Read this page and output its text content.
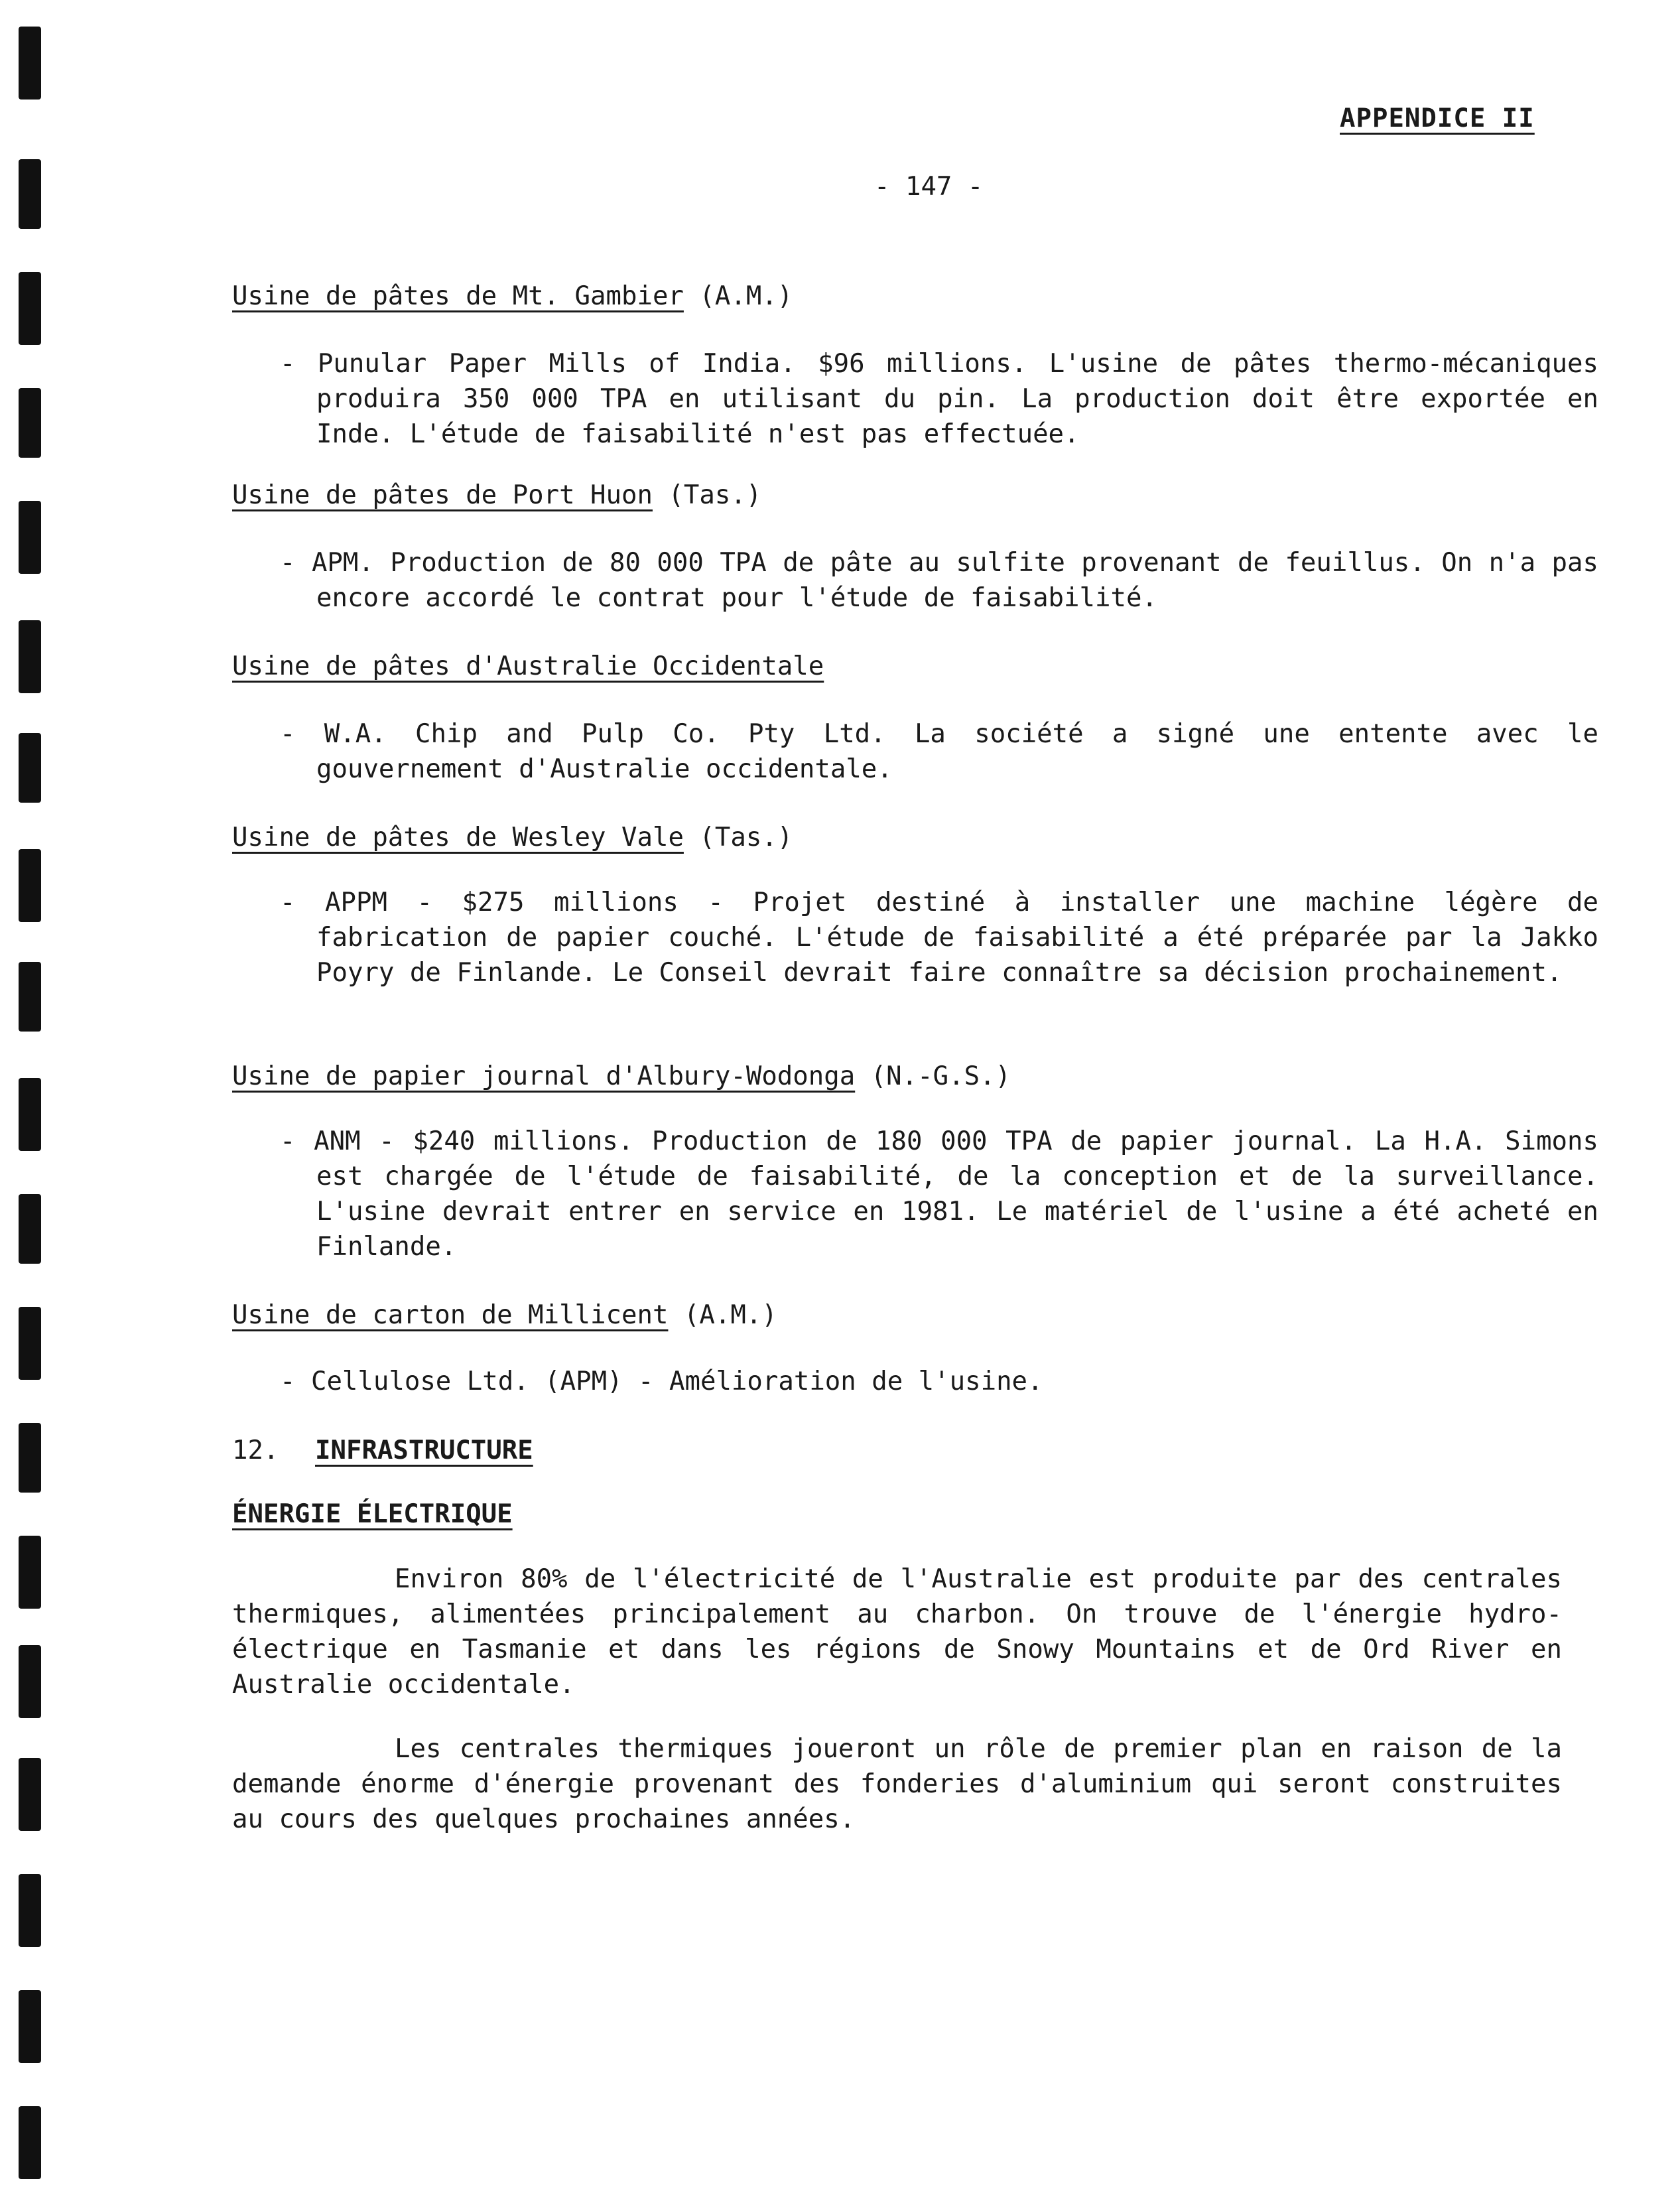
APPENDICE II
- 147 -
Usine de pâtes de Mt. Gambier (A.M.)
- Punular Paper Mills of India. $96 millions. L'usine de pâtes thermo-mécaniques produira 350 000 TPA en utilisant du pin. La production doit être exportée en Inde. L'étude de faisabilité n'est pas effectuée.
Usine de pâtes de Port Huon (Tas.)
- APM. Production de 80 000 TPA de pâte au sulfite provenant de feuillus. On n'a pas encore accordé le contrat pour l'étude de faisabilité.
Usine de pâtes d'Australie Occidentale
- W.A. Chip and Pulp Co. Pty Ltd. La société a signé une entente avec le gouvernement d'Australie occidentale.
Usine de pâtes de Wesley Vale (Tas.)
- APPM - $275 millions - Projet destiné à installer une machine légère de fabrication de papier couché. L'étude de faisabilité a été préparée par la Jakko Poyry de Finlande. Le Conseil devrait faire connaître sa décision prochainement.
Usine de papier journal d'Albury-Wodonga (N.-G.S.)
- ANM - $240 millions. Production de 180 000 TPA de papier journal. La H.A. Simons est chargée de l'étude de faisabilité, de la conception et de la surveillance. L'usine devrait entrer en service en 1981. Le matériel de l'usine a été acheté en Finlande.
Usine de carton de Millicent (A.M.)
- Cellulose Ltd. (APM) - Amélioration de l'usine.
12. INFRASTRUCTURE
ÉNERGIE ÉLECTRIQUE
Environ 80% de l'électricité de l'Australie est produite par des centrales thermiques, alimentées principalement au charbon. On trouve de l'énergie hydro-électrique en Tasmanie et dans les régions de Snowy Mountains et de Ord River en Australie occidentale.
Les centrales thermiques joueront un rôle de premier plan en raison de la demande énorme d'énergie provenant des fonderies d'aluminium qui seront construites au cours des quelques prochaines années.
